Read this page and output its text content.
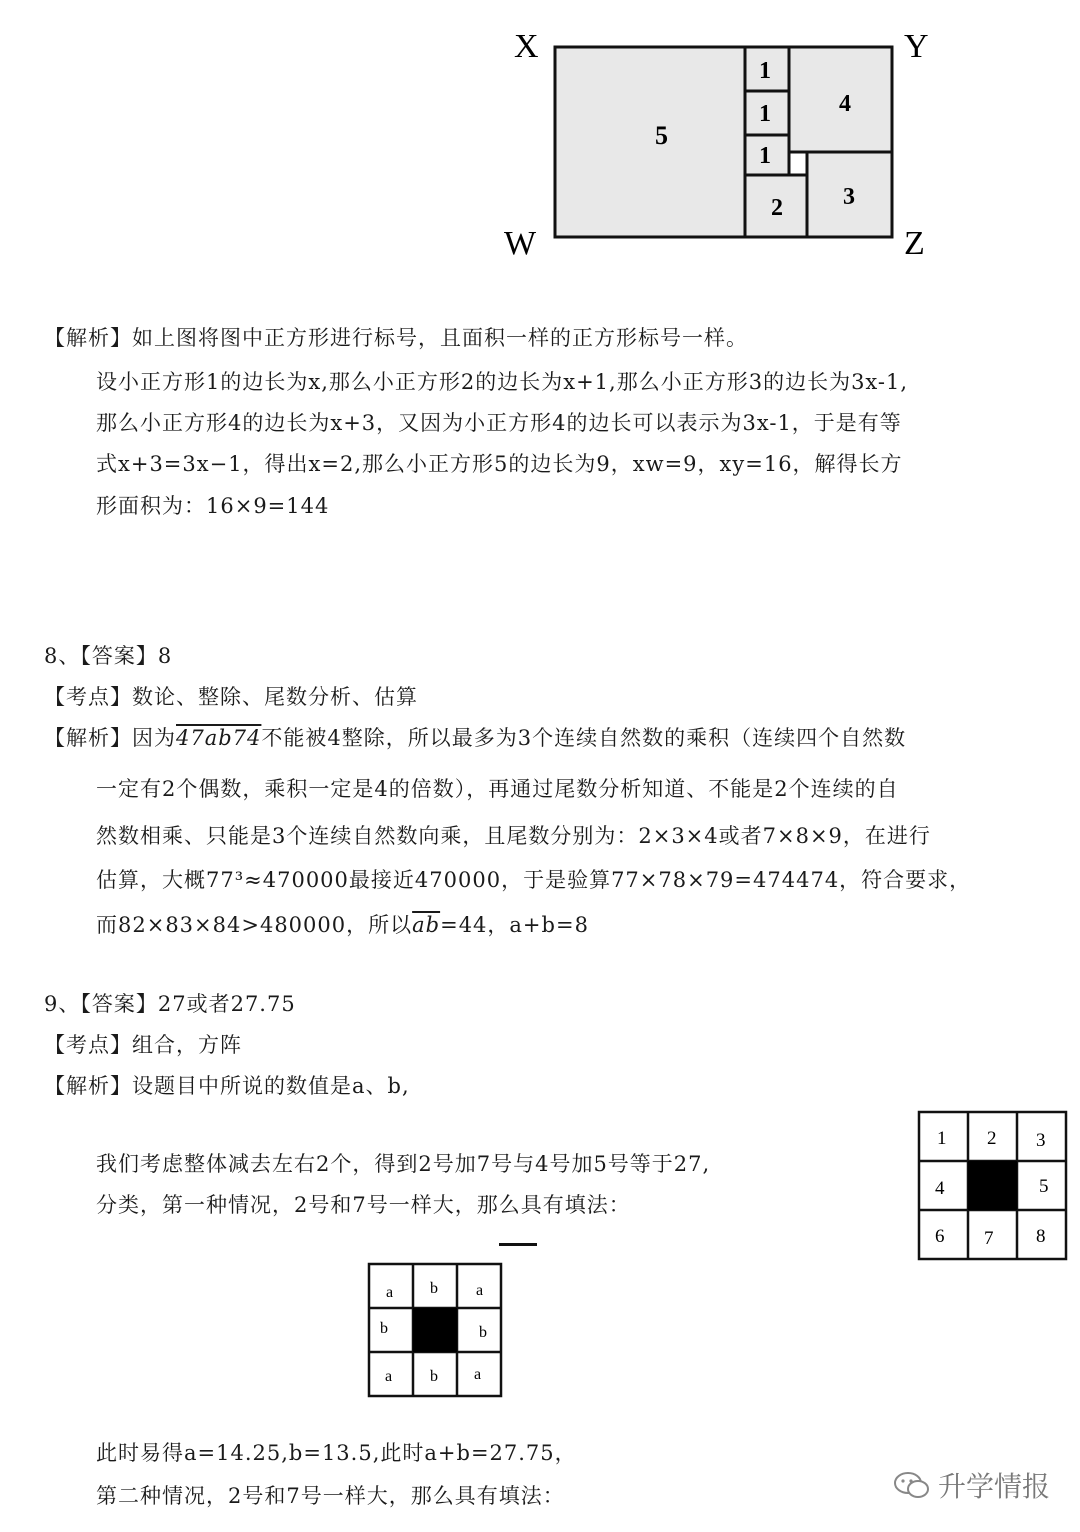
X	Y
W	Z
5
1
1
1
4
2	3
【解析】如上图将图中正方形进行标号，且面积一样的正方形标号一样。
设小正方形1的边长为x,那么小正方形2的边长为x+1,那么小正方形3的边长为3x-1,
那么小正方形4的边长为x+3，又因为小正方形4的边长可以表示为3x-1，于是有等
式x+3=3x−1，得出x=2,那么小正方形5的边长为9，xw=9，xy=16，解得长方
形面积为：16×9=144
8、【答案】8
【考点】数论、整除、尾数分析、估算
【解析】因为47ab74不能被4整除，所以最多为3个连续自然数的乘积（连续四个自然数
一定有2个偶数，乘积一定是4的倍数），再通过尾数分析知道、不能是2个连续的自
然数相乘、只能是3个连续自然数向乘，且尾数分别为：2×3×4或者7×8×9，在进行
估算，大概77³≈470000最接近470000，于是验算77×78×79=474474，符合要求，
而82×83×84>480000，所以$\overline{ab}=44$，a+b=8
9、【答案】27或者27.75
【考点】组合，方阵
【解析】设题目中所说的数值是a、b,
我们考虑整体减去左右2个，得到2号加7号与4号加5号等于27,
分类，第一种情况，2号和7号一样大，那么具有填法：
1 2 3
4	5
6 7 8
a b a
b	b
a b a
此时易得a=14.25,b=13.5,此时a+b=27.75，
第二种情况，2号和7号一样大，那么具有填法：	升学情报
